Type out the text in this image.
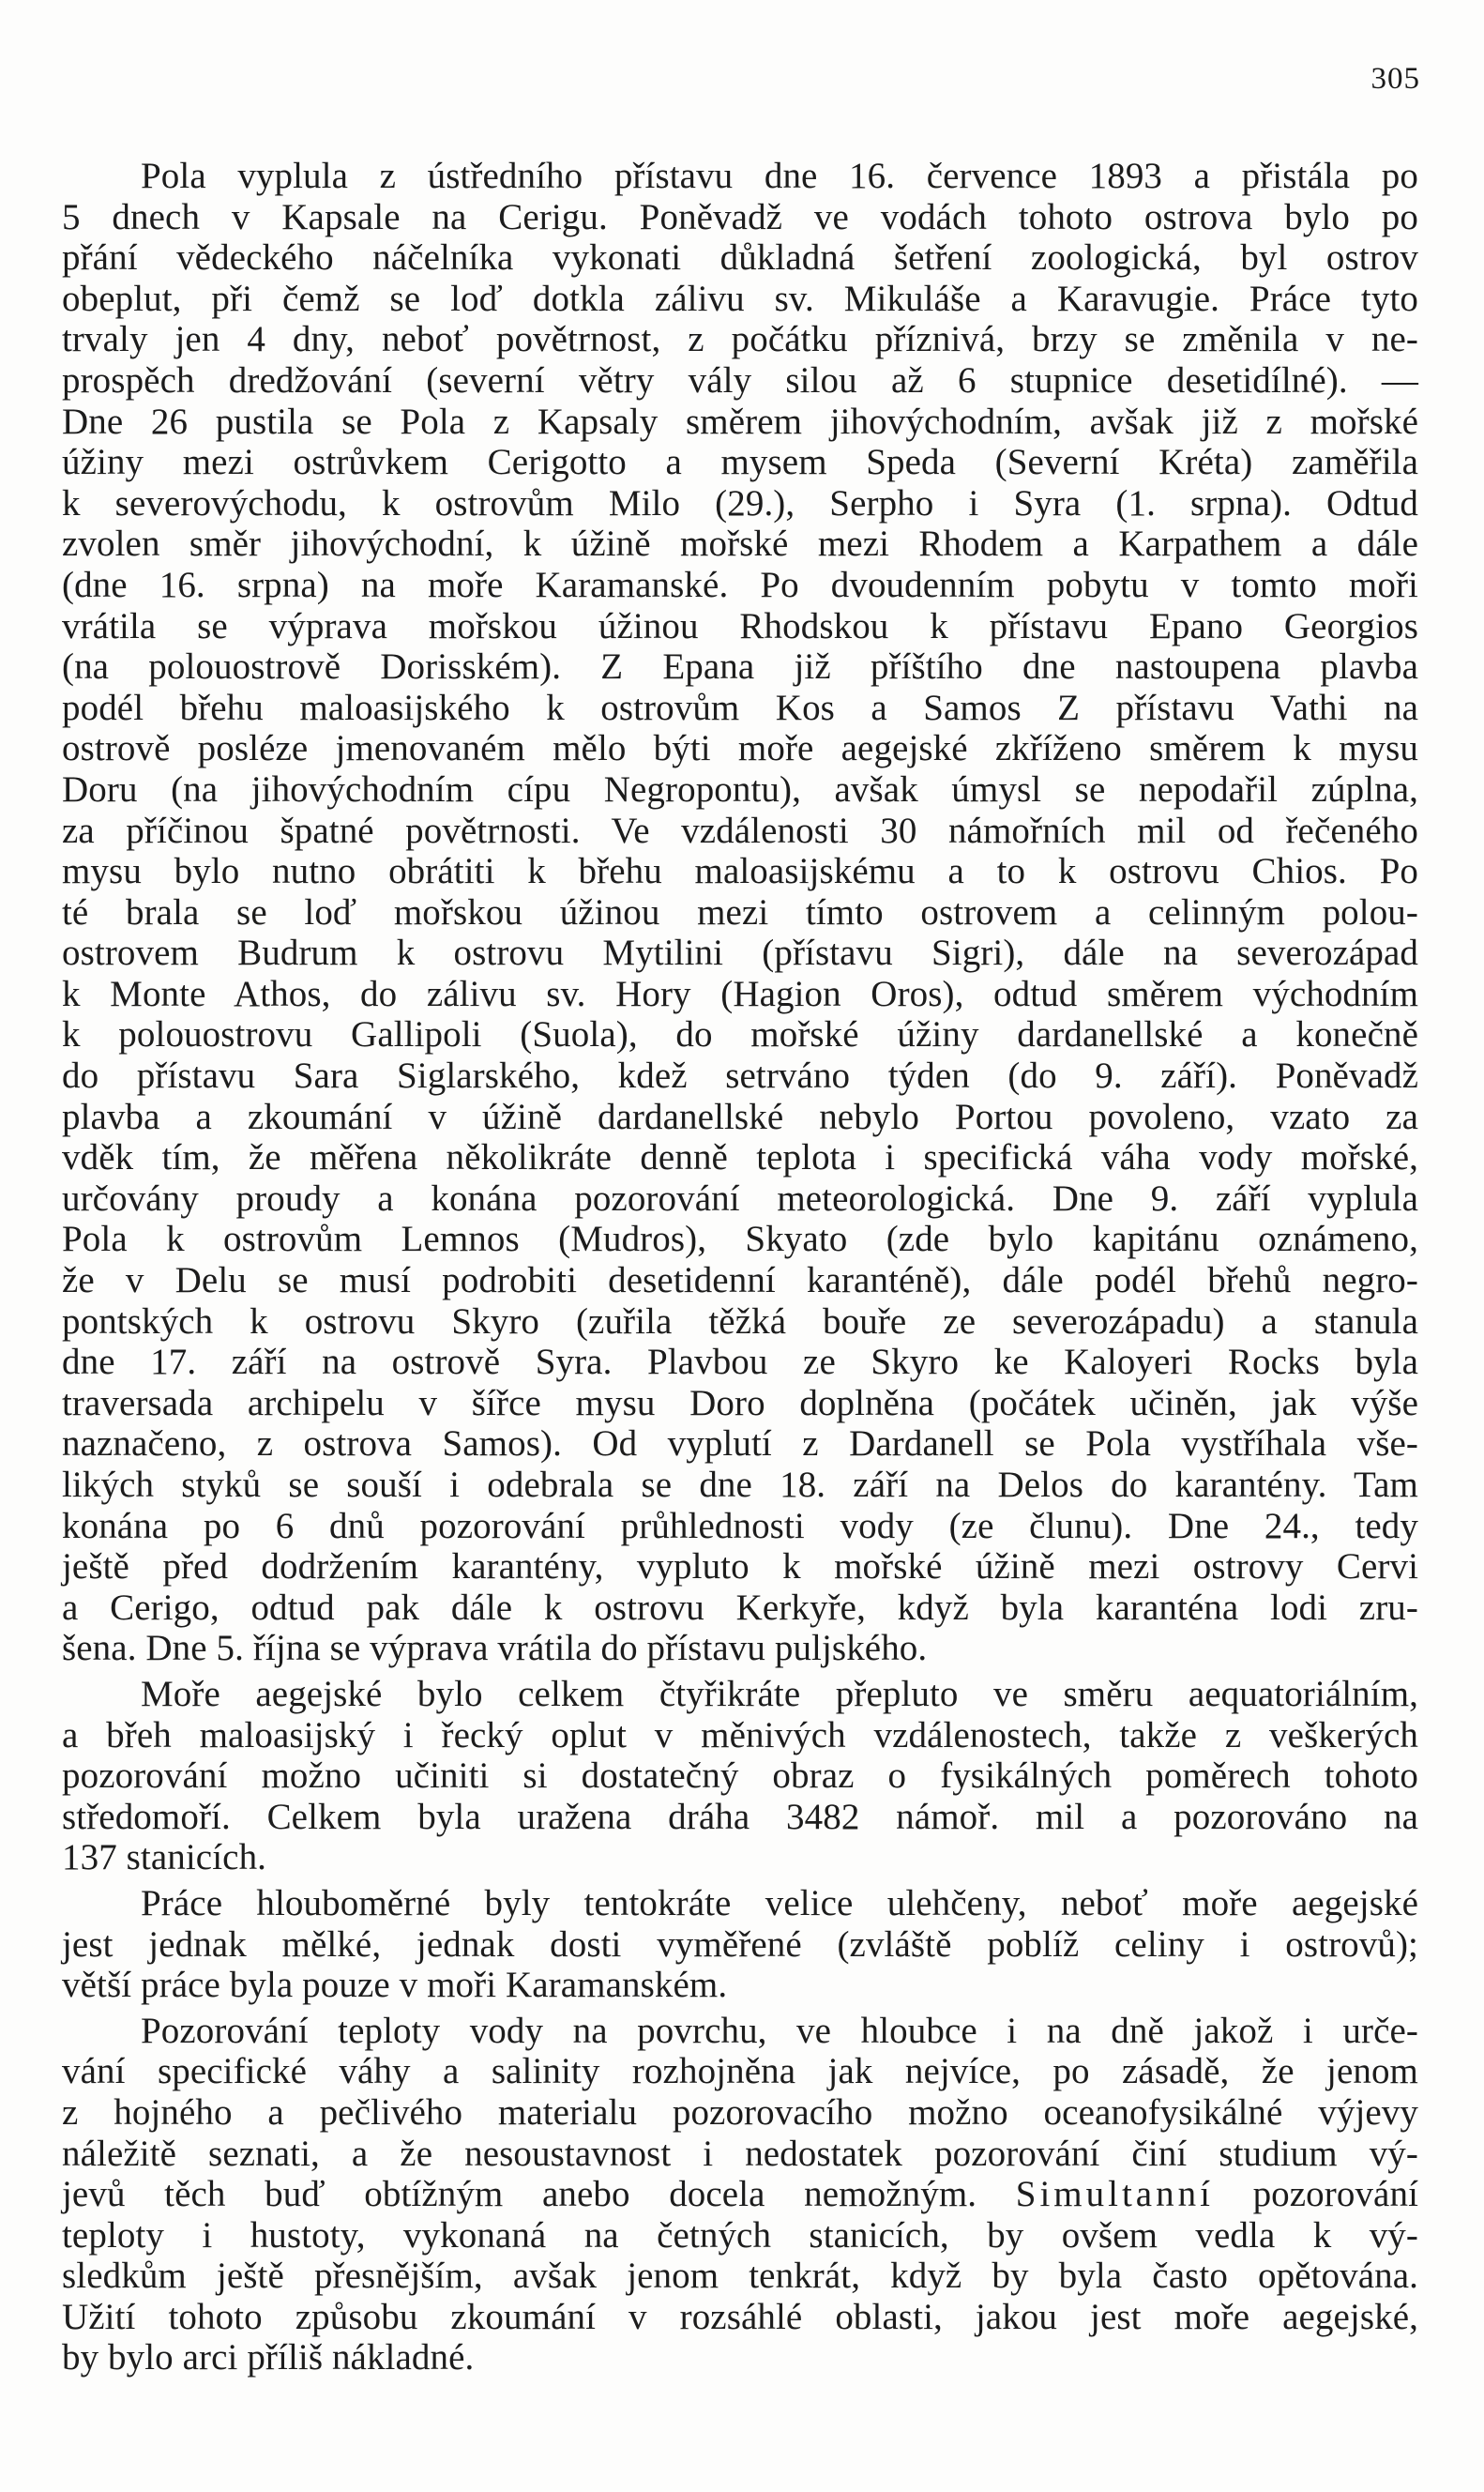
305

Pola vyplula z ústředního přístavu dne 16. července 1893 a přistála po

5 dnech v Kapsale na Cerigu. Poněvadž ve vodách tohoto ostrova bylo po

přání vědeckého náčelníka vykonati důkladná šetření zoologická, byl ostrov

obeplut, při čemž se loď dotkla zálivu sv. Mikuláše a Karavugie. Práce tyto

trvaly jen 4 dny, neboť povětrnost, z počátku příznivá, brzy se změnila v ne-

prospěch dredžování (severní větry vály silou až 6 stupnice desetidílné). —

Dne 26 pustila se Pola z Kapsaly směrem jihovýchodním, avšak již z mořské

úžiny mezi ostrůvkem Cerigotto a mysem Speda (Severní Kréta) zaměřila

k severovýchodu, k ostrovům Milo (29.), Serpho i Syra (1. srpna). Odtud

zvolen směr jihovýchodní, k úžině mořské mezi Rhodem a Karpathem a dále

(dne 16. srpna) na moře Karamanské. Po dvoudenním pobytu v tomto moři

vrátila se výprava mořskou úžinou Rhodskou k přístavu Epano Georgios

(na polouostrově Dorisském). Z Epana již příštího dne nastoupena plavba

podél břehu maloasijského k ostrovům Kos a Samos Z přístavu Vathi na

ostrově posléze jmenovaném mělo býti moře aegejské zkříženo směrem k mysu

Doru (na jihovýchodním cípu Negropontu), avšak úmysl se nepodařil zúplna,

za příčinou špatné povětrnosti. Ve vzdálenosti 30 námořních mil od řečeného

mysu bylo nutno obrátiti k břehu maloasijskému a to k ostrovu Chios. Po

té brala se loď mořskou úžinou mezi tímto ostrovem a celinným polou-

ostrovem Budrum k ostrovu Mytilini (přístavu Sigri), dále na severozápad

k Monte Athos, do zálivu sv. Hory (Hagion Oros), odtud směrem východním

k polouostrovu Gallipoli (Suola), do mořské úžiny dardanellské a konečně

do přístavu Sara Siglarského, kdež setrváno týden (do 9. září). Poněvadž

plavba a zkoumání v úžině dardanellské nebylo Portou povoleno, vzato za

vděk tím, že měřena několikráte denně teplota i specifická váha vody mořské,

určovány proudy a konána pozorování meteorologická. Dne 9. září vyplula

Pola k ostrovům Lemnos (Mudros), Skyato (zde bylo kapitánu oznámeno,

že v Delu se musí podrobiti desetidenní karanténě), dále podél břehů negro-

pontských k ostrovu Skyro (zuřila těžká bouře ze severozápadu) a stanula

dne 17. září na ostrově Syra. Plavbou ze Skyro ke Kaloyeri Rocks byla

traversada archipelu v šířce mysu Doro doplněna (počátek učiněn, jak výše

naznačeno, z ostrova Samos). Od vyplutí z Dardanell se Pola vystříhala vše-

likých styků se souší i odebrala se dne 18. září na Delos do karantény. Tam

konána po 6 dnů pozorování průhlednosti vody (ze člunu). Dne 24., tedy

ještě před dodržením karantény, vypluto k mořské úžině mezi ostrovy Cervi

a Cerigo, odtud pak dále k ostrovu Kerkyře, když byla karanténa lodi zru-

šena. Dne 5. října se výprava vrátila do přístavu puljského.

Moře aegejské bylo celkem čtyřikráte přepluto ve směru aequatoriálním,

a břeh maloasijský i řecký oplut v měnivých vzdálenostech, takže z veškerých

pozorování možno učiniti si dostatečný obraz o fysikálných poměrech tohoto

středomoří. Celkem byla uražena dráha 3482 námoř. mil a pozorováno na

137 stanicích.

Práce hlouboměrné byly tentokráte velice ulehčeny, neboť moře aegejské

jest jednak mělké, jednak dosti vyměřené (zvláště poblíž celiny i ostrovů);

větší práce byla pouze v moři Karamanském.

Pozorování teploty vody na povrchu, ve hloubce i na dně jakož i urče-

vání specifické váhy a salinity rozhojněna jak nejvíce, po zásadě, že jenom

z hojného a pečlivého materialu pozorovacího možno oceanofysikálné výjevy

náležitě seznati, a že nesoustavnost i nedostatek pozorování činí studium vý-

jevů těch buď obtížným anebo docela nemožným. Simultanní pozorování

teploty i hustoty, vykonaná na četných stanicích, by ovšem vedla k vý-

sledkům ještě přesnějším, avšak jenom tenkrát, když by byla často opětována.

Užití tohoto způsobu zkoumání v rozsáhlé oblasti, jakou jest moře aegejské,

by bylo arci příliš nákladné.
